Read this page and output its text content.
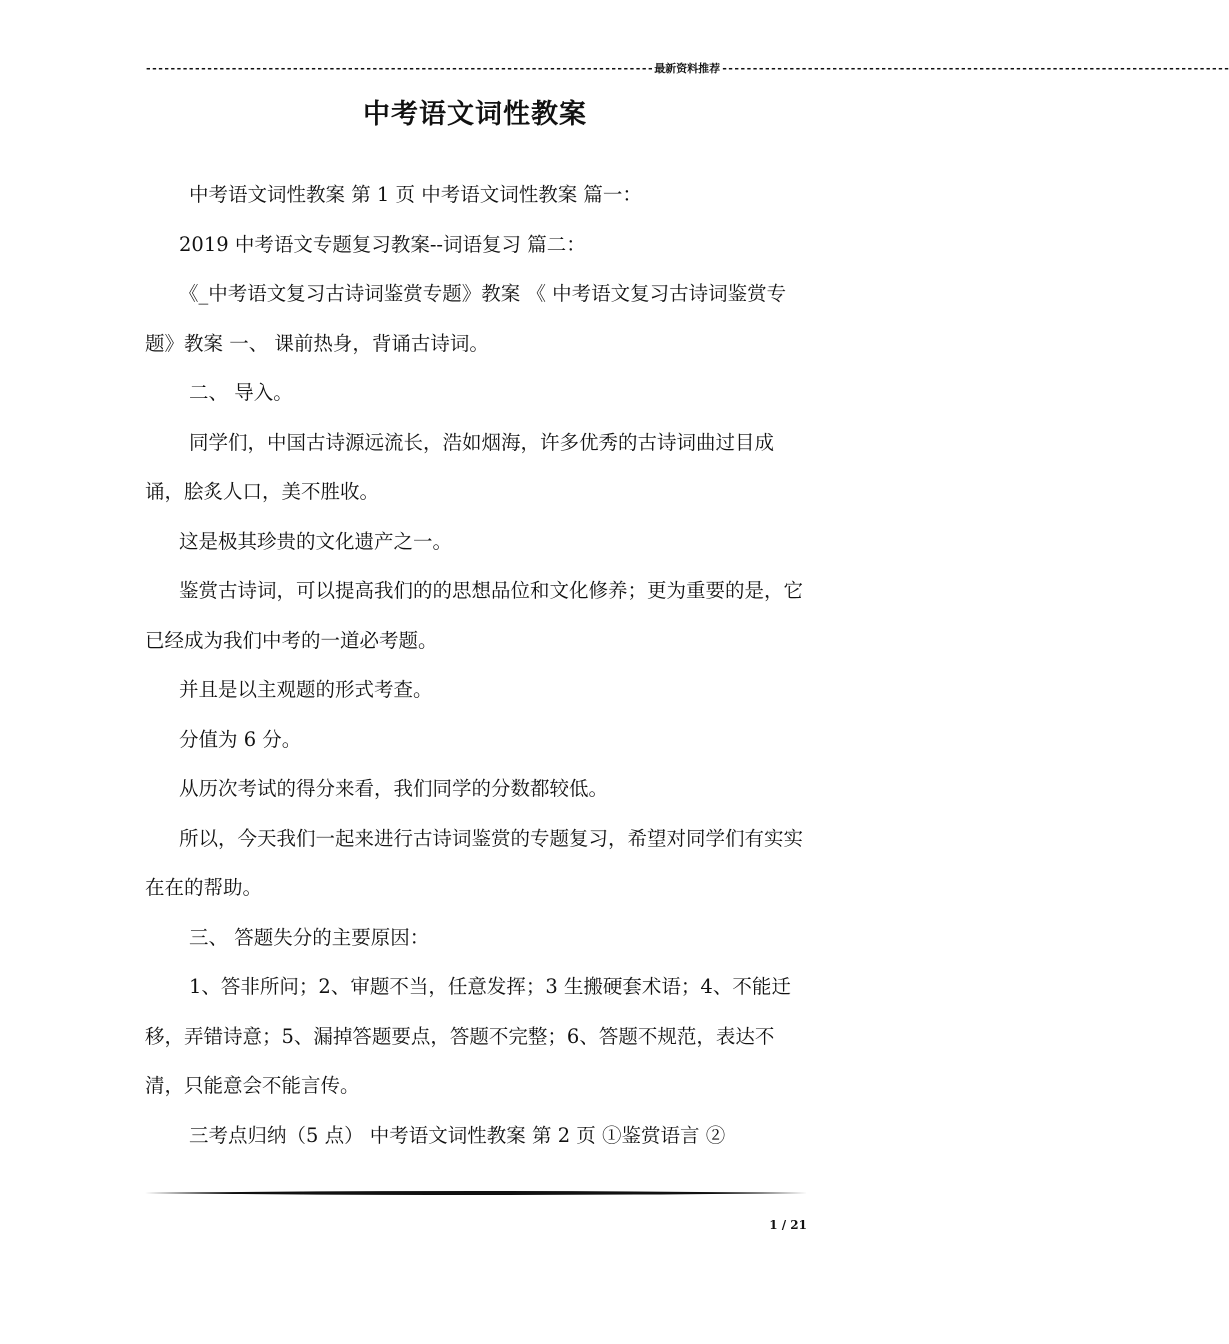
----------------------------------------------------------------------------------- 最新资料推荐 -----------------------------------------------------------------------------------
中考语文词性教案

中考语文词性教案 第 1 页 中考语文词性教案 篇一：

2019 中考语文专题复习教案--词语复习 篇二：

《_中考语文复习古诗词鉴赏专题》教案 《 中考语文复习古诗词鉴赏专题》教案 一、 课前热身，背诵古诗词。

二、 导入。

同学们，中国古诗源远流长，浩如烟海，许多优秀的古诗词曲过目成诵，脍炙人口，美不胜收。

这是极其珍贵的文化遗产之一。

鉴赏古诗词，可以提高我们的的思想品位和文化修养；更为重要的是，它已经成为我们中考的一道必考题。

并且是以主观题的形式考查。

分值为 6 分。

从历次考试的得分来看，我们同学的分数都较低。

所以，今天我们一起来进行古诗词鉴赏的专题复习，希望对同学们有实实在在的帮助。

三、 答题失分的主要原因：

1、答非所问；2、审题不当，任意发挥；3 生搬硬套术语；4、不能迁移，弄错诗意；5、漏掉答题要点，答题不完整；6、答题不规范，表达不清，只能意会不能言传。

三考点归纳（5 点） 中考语文词性教案 第 2 页 ①鉴赏语言 ②

1 / 21
